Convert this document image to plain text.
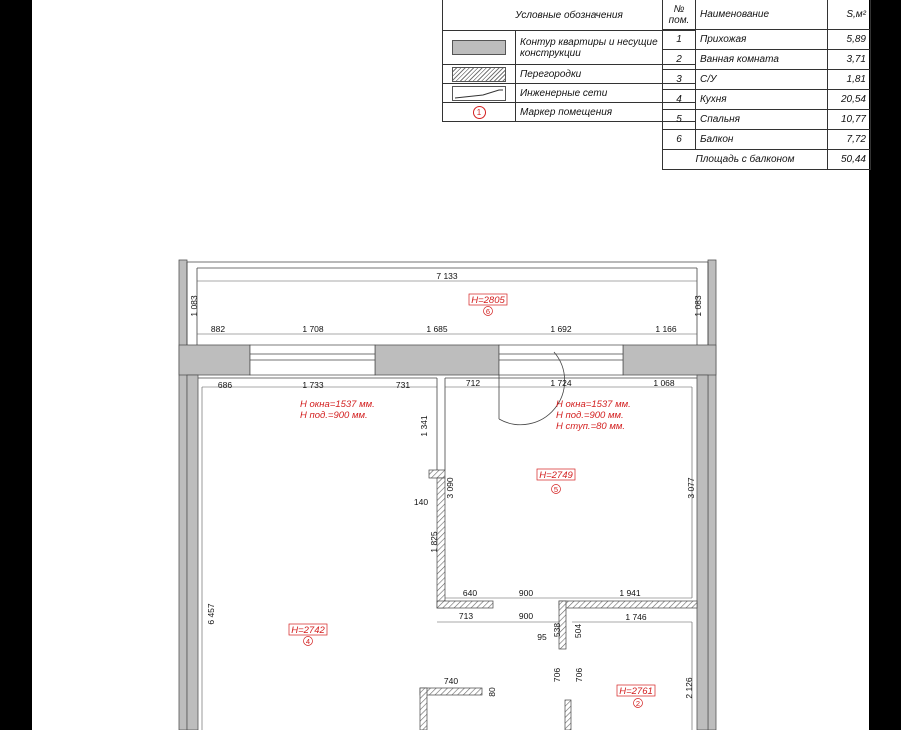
Условные обозначения	
	Контур квартиры и несущие конструкции
	Перегородки

	Инженерные сети
1	Маркер помещения
№ пом.	Наименование	S,м²
1	Прихожая	5,89
2	Ванная комната	3,71
3	С/У	1,81
4	Кухня	20,54
5	Спальня	10,77
6	Балкон	7,72
Площадь с балконом		50,44
7 133
1 083	1 083
882	1 708	1 685	1 692	1 166
686	1 733	731	712	1 724	1 068
1 341
3 090	3 077
140
1 825
6 457
640	900	1 941
713	900	1 746
538 504
95
740
80
706 706
2 126
Н окна=1537 мм.
Н под.=900 мм.
Н окна=1537 мм.
Н под.=900 мм.
Н ступ.=80 мм.
H=2805
6
H=2749
5
H=2742
4
H=2761
2
